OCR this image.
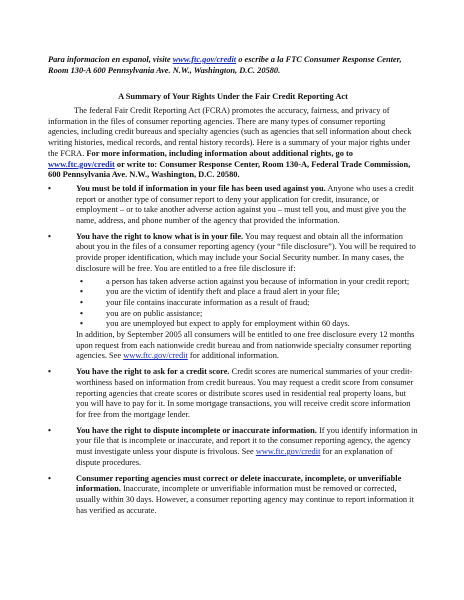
Para informacion en espanol, visite www.ftc.gov/credit o escribe a la FTC Consumer Response Center, Room 130-A 600 Pennsylvania Ave. N.W., Washington, D.C. 20580.

A Summary of Your Rights Under the Fair Credit Reporting Act

The federal Fair Credit Reporting Act (FCRA) promotes the accuracy, fairness, and privacy of information in the files of consumer reporting agencies. There are many types of consumer reporting agencies, including credit bureaus and specialty agencies (such as agencies that sell information about check writing histories, medical records, and rental history records). Here is a summary of your major rights under the FCRA. For more information, including information about additional rights, go to www.ftc.gov/credit or write to: Consumer Response Center, Room 130-A, Federal Trade Commission, 600 Pennsylvania Ave. N.W., Washington, D.C. 20580.

•	You must be told if information in your file has been used against you. Anyone who uses a credit report or another type of consumer report to deny your application for credit, insurance, or employment – or to take another adverse action against you – must tell you, and must give you the name, address, and phone number of the agency that provided the information.
•	You have the right to know what is in your file. You may request and obtain all the information about you in the files of a consumer reporting agency (your “file disclosure”). You will be required to provide proper identification, which may include your Social Security number. In many cases, the disclosure will be free. You are entitled to a free file disclosure if:
•	a person has taken adverse action against you because of information in your credit report;
•	you are the victim of identify theft and place a fraud alert in your file;
•	your file contains inaccurate information as a result of fraud;
•	you are on public assistance;
•	you are unemployed but expect to apply for employment within 60 days.
In addition, by September 2005 all consumers will be entitled to one free disclosure every 12 months upon request from each nationwide credit bureau and from nationwide specialty consumer reporting agencies. See www.ftc.gov/credit for additional information.
•	You have the right to ask for a credit score. Credit scores are numerical summaries of your credit-worthiness based on information from credit bureaus. You may request a credit score from consumer reporting agencies that create scores or distribute scores used in residential real property loans, but you will have to pay for it. In some mortgage transactions, you will receive credit score information for free from the mortgage lender.
•	You have the right to dispute incomplete or inaccurate information. If you identify information in your file that is incomplete or inaccurate, and report it to the consumer reporting agency, the agency must investigate unless your dispute is frivolous. See www.ftc.gov/credit for an explanation of dispute procedures.
•	Consumer reporting agencies must correct or delete inaccurate, incomplete, or unverifiable information. Inaccurate, incomplete or unverifiable information must be removed or corrected, usually within 30 days. However, a consumer reporting agency may continue to report information it has verified as accurate.
